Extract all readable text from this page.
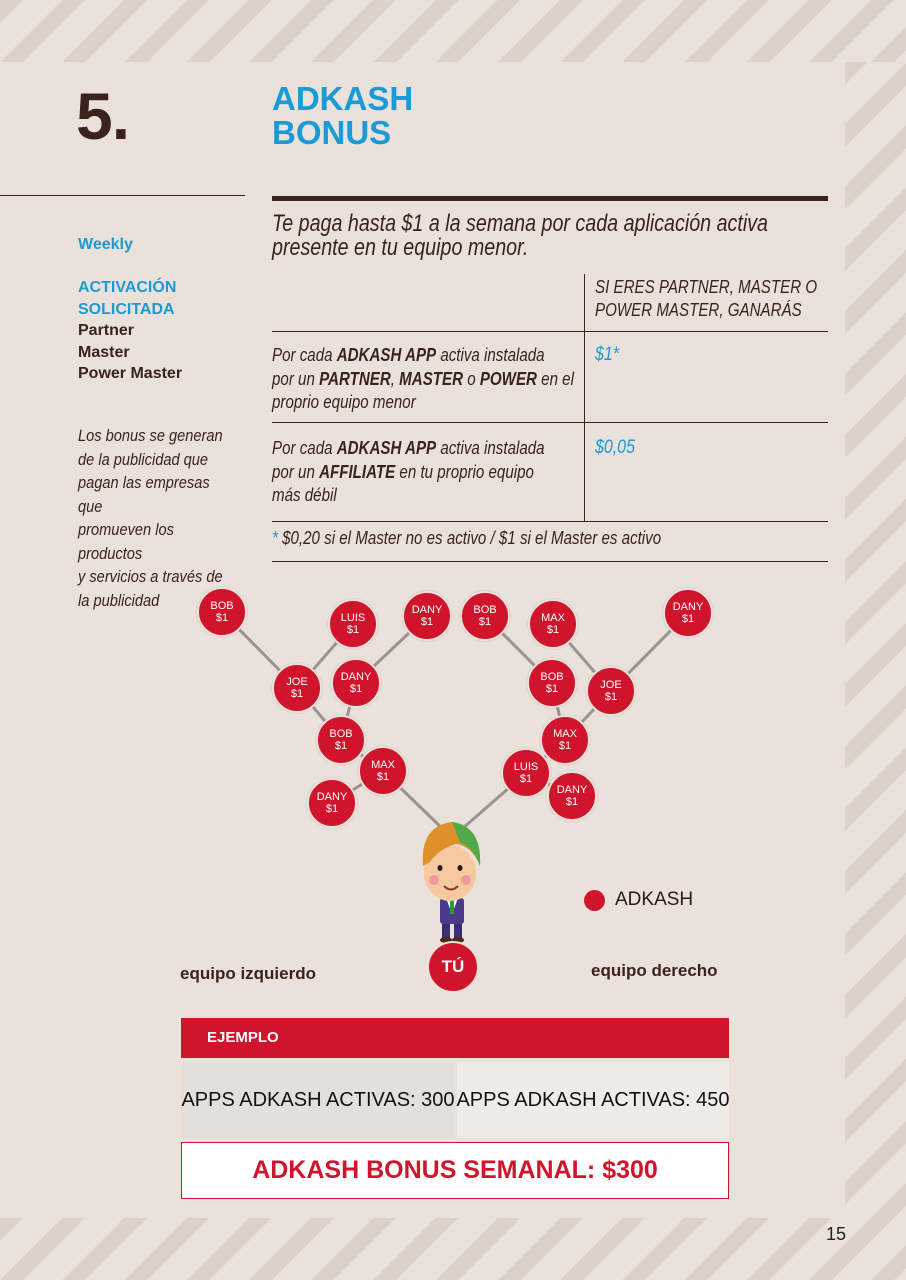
5.	ADKASH
BONUS
Weekly
ACTIVACIÓN
SOLICITADA
Partner
Master
Power Master
Los bonus se generan
de la publicidad que
pagan las empresas que
promueven los productos
y servicios a través de
la publicidad
Te paga hasta $1 a la semana por cada aplicación activa
presente en tu equipo menor.
SI ERES PARTNER, MASTER O
POWER MASTER, GANARÁS
Por cada ADKASH APP activa instalada
por un PARTNER, MASTER o POWER en el
proprio equipo menor
$1*
Por cada ADKASH APP activa instalada
por un AFFILIATE en tu proprio equipo
más débil
$0,05
* $0,20 si el Master no es activo / $1 si el Master es activo
BOB
$1	LUIS
$1
DANY
$1
JOE
$1
DANY
$1
BOB
$1
MAX
$1
DANY
$1
BOB
$1	MAX
$1
DANY
$1
BOB
$1	JOE
$1
MAX
$1
LUIS
$1
DANY
$1
ADKASH
TÚ
equipo izquierdo	equipo derecho
EJEMPLO
APPS ADKASH ACTIVAS: 300 APPS ADKASH ACTIVAS: 450
ADKASH BONUS SEMANAL: $300
15
